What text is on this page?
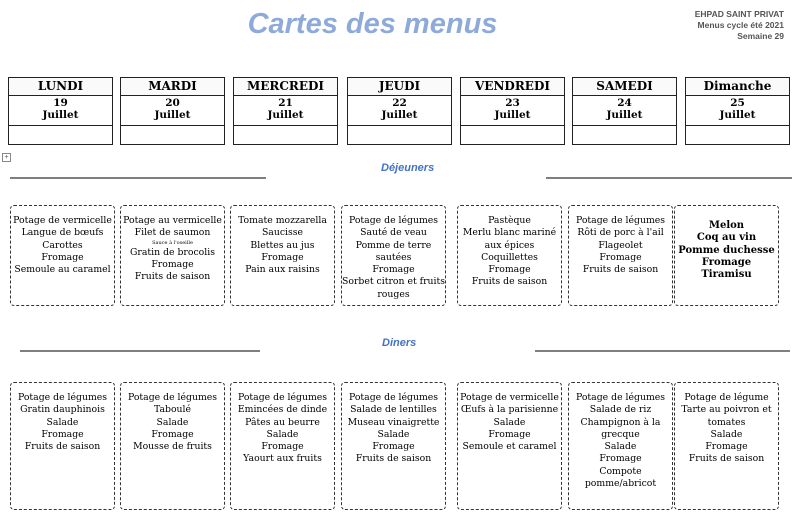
Cartes des menus	EHPAD SAINT PRIVAT
Menus cycle été 2021
Semaine 29
+
LUNDI
19
Juillet
MARDI
20
Juillet
MERCREDI
21
Juillet
JEUDI
22
Juillet
VENDREDI
23
Juillet
SAMEDI
24
Juillet
Dimanche
25
Juillet
Déjeuners
Potage de vermicelle
Langue de bœufs
Carottes
Fromage
Semoule au caramel
Potage au vermicelle
Filet de saumon
Sauce à l'oseille
Gratin de brocolis
Fromage
Fruits de saison
Tomate mozzarella
Saucisse
Blettes au jus
Fromage
Pain aux raisins
Potage de légumes
Sauté de veau
Pomme de terre sautées
Fromage
Sorbet citron et fruits
rouges
Pastèque
Merlu blanc mariné
aux épices
Coquillettes
Fromage
Fruits de saison
Potage de légumes
Rôti de porc à l'ail
Flageolet
Fromage
Fruits de saison
Melon
Coq au vin
Pomme duchesse
Fromage
Tiramisu
Diners
Potage de légumes
Gratin dauphinois
Salade
Fromage
Fruits de saison
Potage de légumes
Taboulé
Salade
Fromage
Mousse de fruits
Potage de légumes
Emincées de dinde
Pâtes au beurre
Salade
Fromage
Yaourt aux fruits
Potage de légumes
Salade de lentilles
Museau vinaigrette
Salade
Fromage
Fruits de saison
Potage de vermicelle
Œufs à la parisienne
Salade
Fromage
Semoule et caramel
Potage de légumes
Salade de riz
Champignon à la
grecque
Salade
Fromage
Compote
pomme/abricot
Potage de légume
Tarte au poivron et
tomates
Salade
Fromage
Fruits de saison
